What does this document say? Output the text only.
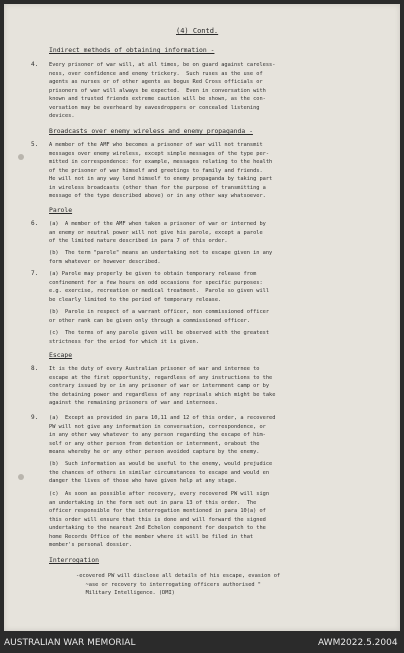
(4) Contd.
Indirect methods of obtaining information -
4. Every prisoner of war will, at all times, be on guard against careless-
ness, over confidence and enemy trickery.  Such ruses as the use of
agents as nurses or of other agents as bogus Red Cross officials or
prisoners of war will always be expected.  Even in conversation with
known and trusted friends extreme caution will be shown, as the con-
versation may be overheard by eavesdroppers or concealed listening
devices.
Broadcasts over enemy wireless and enemy propaganda -
5. A member of the AMF who becomes a prisoner of war will not transmit
messages over enemy wireless, except simple messages of the type per-
mitted in correspondence: for example, messages relating to the health
of the prisoner of war himself and greetings to family and friends.
He will not in any way lend himself to enemy propaganda by taking part
in wireless broadcasts (other than for the purpose of transmitting a
message of the type described above) or in any other way whatsoever.
Parole
6. (a)  A member of the AMF when taken a prisoner of war or interned by
an enemy or neutral power will not give his parole, except a parole
of the limited nature described in para 7 of this order.
(b)  The term "parole" means an undertaking not to escape given in any
form whatever or however described.
7. (a) Parole may properly be given to obtain temporary release from
confinement for a few hours on odd occasions for specific purposes:
e.g. exercise, recreation or medical treatment.  Parole so given will
be clearly limited to the period of temporary release.
(b)  Parole in respect of a warrant officer, non commissioned officer
or other rank can be given only through a commissioned officer.
(c)  The terms of any parole given will be observed with the greatest
strictness for the eriod for which it is given.
Escape
8. It is the duty of every Australian prisoner of war and internee to
escape at the first opportunity, regardless of any instructions to the
contrary issued by or in any prisoner of war or internment camp or by
the detaining power and regardless of any reprisals which might be take
against the remaining prisoners of war and internees.
9. (a)  Except as provided in para 10,11 and 12 of this order, a recovered
PW will not give any information in conversation, correspondence, or
in any other way whatever to any person regarding the escape of him-
self or any other person from detention or internment, orabout the
means whereby he or any other person avoided capture by the enemy.
(b)  Such information as would be useful to the enemy, would prejudice
the chances of others in similar circumstances to escape and would en
danger the lives of those who have given help at any stage.
(c)  As soon as possible after recovery, every recovered PW will sign
an undertaking in the form set out in para 13 of this order.  The
officer responsible for the interrogation mentioned in para 10(a) of
this order will ensure that this is done and will forward the signed
undertaking to the nearest 2nd Echelon component for despatch to the
home Records Office of the member where it will be filed in that
member's personal dossier.
Interrogation
-ecovered PW will disclose all details of his escape, evasion of
~ase or recovery to interrogating officers authorised "
Military Intelligence. (DMI)
AUSTRALIAN WAR MEMORIAL	AWM2022.5.2004
